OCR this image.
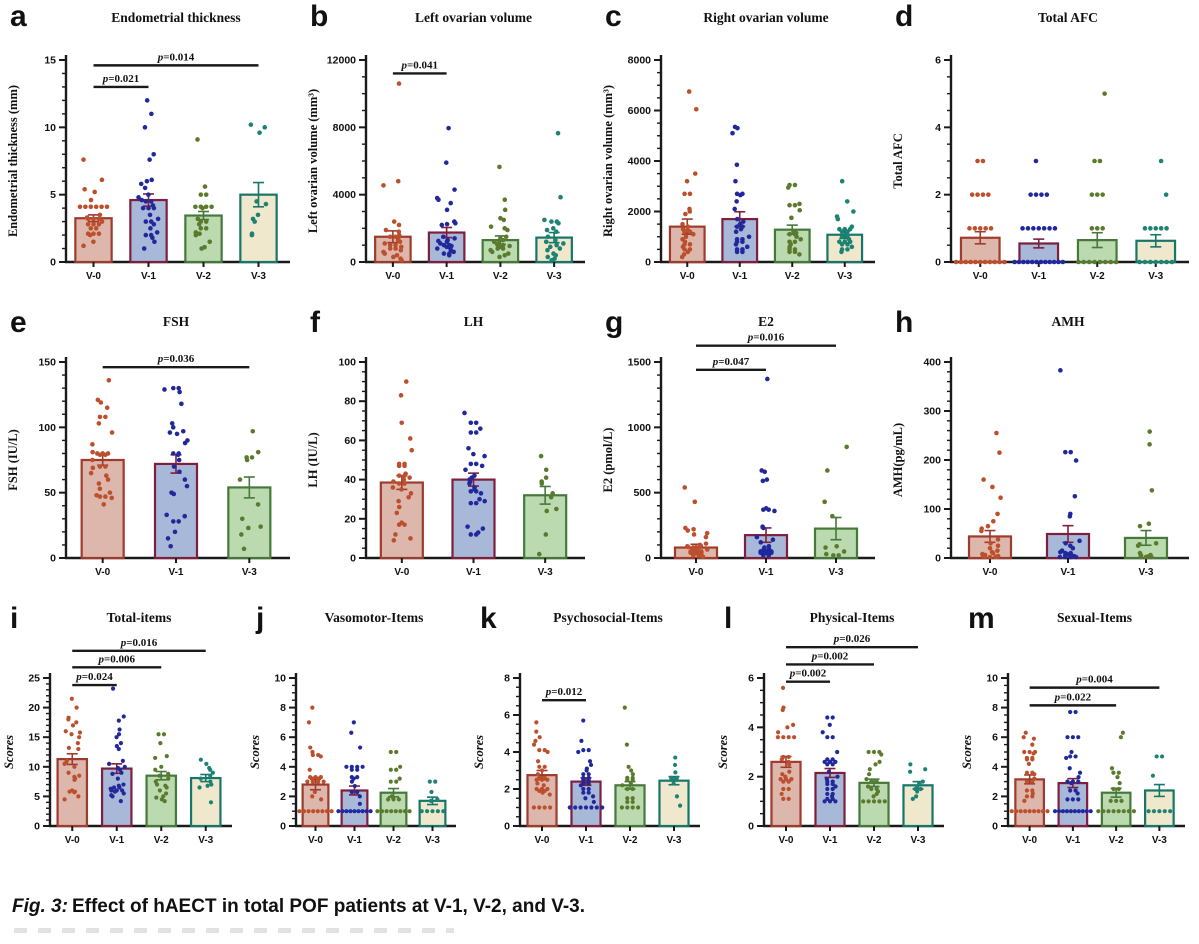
a	Endometrial thickness
Endometrial thickness (mm)
0
5
10
15
V-0	V-1	V-2	V-3
p=0.021
p=0.014
b	Left ovarian volume
Left ovarian volume (mm³)
0
4000
8000
12000
V-0	V-1	V-2	V-3
p=0.041
c	Right ovarian volume
Right ovarian volume (mm³)
0
2000
4000
6000
8000
V-0	V-1	V-2	V-3
d	Total AFC
Total AFC
0
2
4
6
V-0	V-1	V-2	V-3
e	FSH
FSH (IU/L)
0
50
100
150
V-0	V-1	V-3
p=0.036
f	LH
LH (IU/L)
0
20
40
60
80
100
V-0	V-1	V-3
g	E2
E2 (pmol/L)
0
500
1000
1500
V-0	V-1	V-3
p=0.047
p=0.016	h	AMH
AMH(pg/mL)
0
100
200
300
400
V-0	V-1	V-3
i	Total-items
Scores
0
5
10
15
20
25
V-0	V-1	V-2	V-3
p=0.024
p=0.006
p=0.016
j	Vasomotor-Items
Scores
0
2
4
6
8
10
V-0 V-1 V-2 V-3
k	Psychosocial-Items
Scores
0
2
4
6
8
V-0	V-1	V-2	V-3
p=0.012
l	Physical-Items
Scores
0
2
4
6
V-0	V-1	V-2	V-3
p=0.002
p=0.002
p=0.026
m	Sexual-Items
Scores
0
2
4
6
8
10
V-0	V-1	V-2	V-3
p=0.022
p=0.004
Fig. 3: Effect of hAECT in total POF patients at V-1, V-2, and V-3.
